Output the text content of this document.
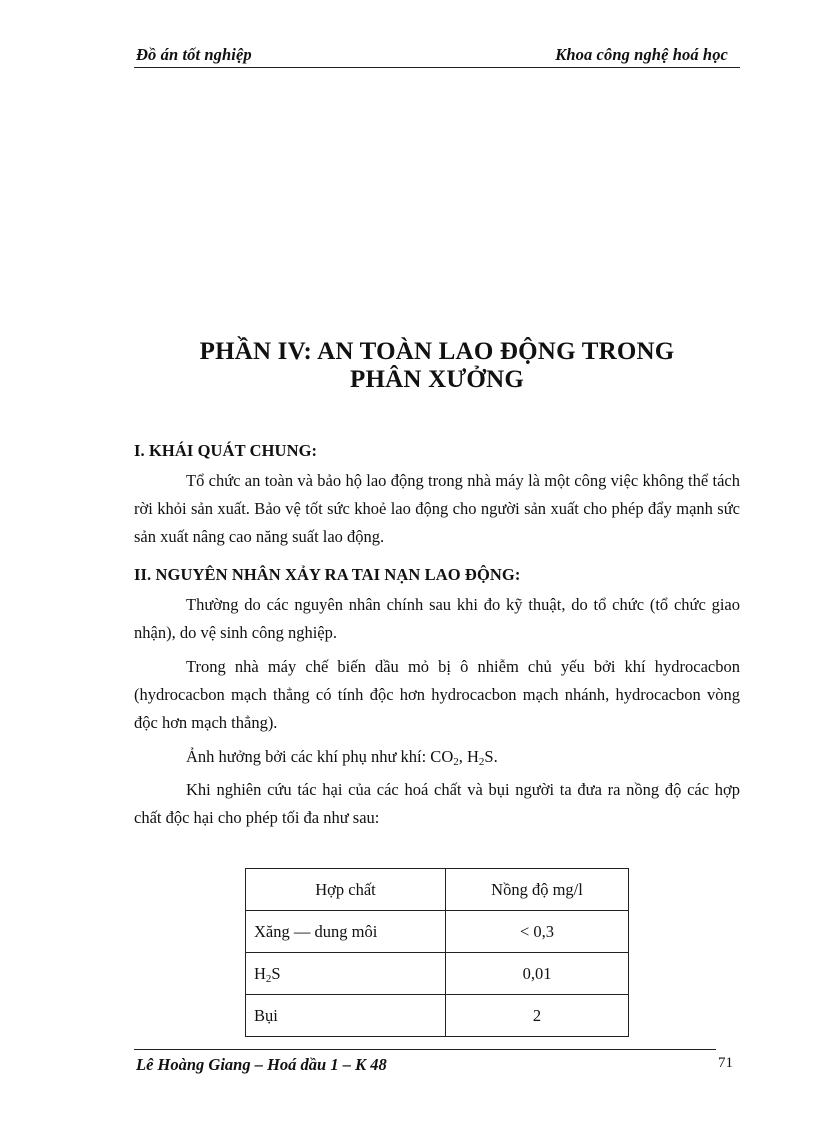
Đồ án tốt nghiệp	Khoa công nghệ hoá học
PHẦN IV: AN TOÀN LAO ĐỘNG TRONG
PHÂN XƯỞNG
I. KHÁI QUÁT CHUNG:

Tổ chức an toàn và bảo hộ lao động trong nhà máy là một công việc không thể tách rời khỏi sản xuất. Bảo vệ tốt sức khoẻ lao động cho người sản xuất cho phép đẩy mạnh sức sản xuất nâng cao năng suất lao động.

II. NGUYÊN NHÂN XẢY RA TAI NẠN LAO ĐỘNG:

Thường do các nguyên nhân chính sau khi đo kỹ thuật, do tổ chức (tổ chức giao nhận), do vệ sinh công nghiệp.

Trong nhà máy chế biến dầu mỏ bị ô nhiễm chủ yếu bởi khí hydrocacbon (hydrocacbon mạch thẳng có tính độc hơn hydrocacbon mạch nhánh, hydrocacbon vòng độc hơn mạch thẳng).

Ảnh hưởng bởi các khí phụ như khí: $CO_2$, $H_2S$.

Khi nghiên cứu tác hại của các hoá chất và bụi người ta đưa ra nồng độ các hợp chất độc hại cho phép tối đa như sau:

Hợp chất	Nồng độ mg/l
Xăng — dung môi	< 0,3
$H_2S$	0,01
Bụi	2
Lê Hoàng Giang – Hoá dầu 1 – K 48	71
